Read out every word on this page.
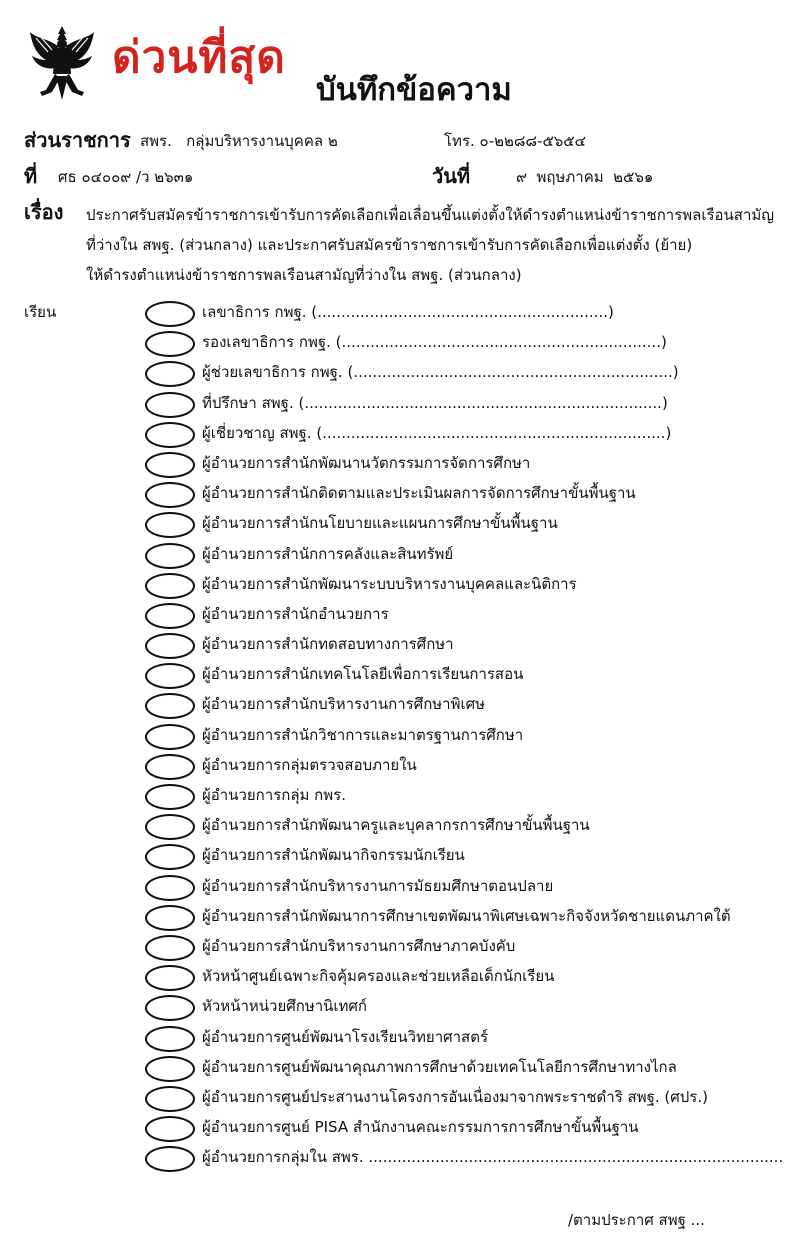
ด่วนที่สุด
บันทึกข้อความ
ส่วนราชการ สพร.   กลุ่มบริหารงานบุคคล ๒	โทร. ๐-๒๒๘๘-๕๖๕๔
ที่ ศธ ๐๔๐๐๙ /ว ๒๖๓๑	วันที่	๙  พฤษภาคม  ๒๕๖๑
เรื่อง ประกาศรับสมัครข้าราชการเข้ารับการคัดเลือกเพื่อเลื่อนขึ้นแต่งตั้งให้ดำรงตำแหน่งข้าราชการพลเรือนสามัญ
ที่ว่างใน สพฐ. (ส่วนกลาง) และประกาศรับสมัครข้าราชการเข้ารับการคัดเลือกเพื่อแต่งตั้ง (ย้าย)
ให้ดำรงตำแหน่งข้าราชการพลเรือนสามัญที่ว่างใน สพฐ. (ส่วนกลาง)
เรียน	เลขาธิการ กพฐ. (.............................................................)
รองเลขาธิการ กพฐ. (...................................................................)
ผู้ช่วยเลขาธิการ กพฐ. (...................................................................)
ที่ปรึกษา สพฐ. (...........................................................................)
ผู้เชี่ยวชาญ สพฐ. (........................................................................)
ผู้อำนวยการสำนักพัฒนานวัตกรรมการจัดการศึกษา
ผู้อำนวยการสำนักติดตามและประเมินผลการจัดการศึกษาขั้นพื้นฐาน
ผู้อำนวยการสำนักนโยบายและแผนการศึกษาขั้นพื้นฐาน
ผู้อำนวยการสำนักการคลังและสินทรัพย์
ผู้อำนวยการสำนักพัฒนาระบบบริหารงานบุคคลและนิติการ
ผู้อำนวยการสำนักอำนวยการ
ผู้อำนวยการสำนักทดสอบทางการศึกษา
ผู้อำนวยการสำนักเทคโนโลยีเพื่อการเรียนการสอน
ผู้อำนวยการสำนักบริหารงานการศึกษาพิเศษ
ผู้อำนวยการสำนักวิชาการและมาตรฐานการศึกษา
ผู้อำนวยการกลุ่มตรวจสอบภายใน
ผู้อำนวยการกลุ่ม กพร.
ผู้อำนวยการสำนักพัฒนาครูและบุคลากรการศึกษาขั้นพื้นฐาน
ผู้อำนวยการสำนักพัฒนากิจกรรมนักเรียน
ผู้อำนวยการสำนักบริหารงานการมัธยมศึกษาตอนปลาย
ผู้อำนวยการสำนักพัฒนาการศึกษาเขตพัฒนาพิเศษเฉพาะกิจจังหวัดชายแดนภาคใต้
ผู้อำนวยการสำนักบริหารงานการศึกษาภาคบังคับ
หัวหน้าศูนย์เฉพาะกิจคุ้มครองและช่วยเหลือเด็กนักเรียน
หัวหน้าหน่วยศึกษานิเทศก์
ผู้อำนวยการศูนย์พัฒนาโรงเรียนวิทยาศาสตร์
ผู้อำนวยการศูนย์พัฒนาคุณภาพการศึกษาด้วยเทคโนโลยีการศึกษาทางไกล
ผู้อำนวยการศูนย์ประสานงานโครงการอันเนื่องมาจากพระราชดำริ สพฐ. (ศปร.)
ผู้อำนวยการศูนย์ PISA สำนักงานคณะกรรมการการศึกษาขั้นพื้นฐาน
ผู้อำนวยการกลุ่มใน สพร. .......................................................................................
/ตามประกาศ สพฐ ...
